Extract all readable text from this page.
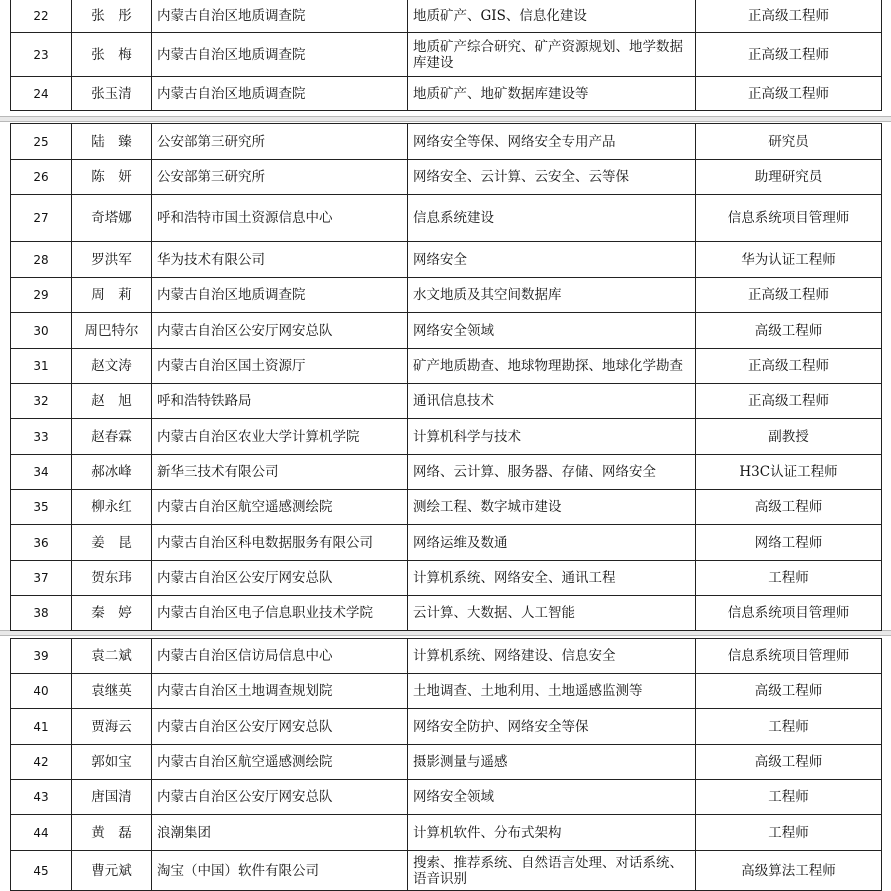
22	张　彤	内蒙古自治区地质调查院	地质矿产、GIS、信息化建设	正高级工程师
23	张　梅	内蒙古自治区地质调查院	地质矿产综合研究、矿产资源规划、地学数据库建设	正高级工程师
24	张玉清	内蒙古自治区地质调查院	地质矿产、地矿数据库建设等	正高级工程师
25	陆　臻	公安部第三研究所	网络安全等保、网络安全专用产品	研究员
26	陈　妍	公安部第三研究所	网络安全、云计算、云安全、云等保	助理研究员
27	奇塔娜	呼和浩特市国土资源信息中心	信息系统建设	信息系统项目管理师
28	罗洪军	华为技术有限公司	网络安全	华为认证工程师
29	周　莉	内蒙古自治区地质调查院	水文地质及其空间数据库	正高级工程师
30	周巴特尔	内蒙古自治区公安厅网安总队	网络安全领域	高级工程师
31	赵文涛	内蒙古自治区国土资源厅	矿产地质勘查、地球物理勘探、地球化学勘查	正高级工程师
32	赵　旭	呼和浩特铁路局	通讯信息技术	正高级工程师
33	赵春霖	内蒙古自治区农业大学计算机学院	计算机科学与技术	副教授
34	郝冰峰	新华三技术有限公司	网络、云计算、服务器、存储、网络安全	H3C认证工程师
35	柳永红	内蒙古自治区航空遥感测绘院	测绘工程、数字城市建设	高级工程师
36	姜　昆	内蒙古自治区科电数据服务有限公司	网络运维及数通	网络工程师
37	贺东玮	内蒙古自治区公安厅网安总队	计算机系统、网络安全、通讯工程	工程师
38	秦　婷	内蒙古自治区电子信息职业技术学院	云计算、大数据、人工智能	信息系统项目管理师
39	袁二斌	内蒙古自治区信访局信息中心	计算机系统、网络建设、信息安全	信息系统项目管理师
40	袁继英	内蒙古自治区土地调查规划院	土地调查、土地利用、土地遥感监测等	高级工程师
41	贾海云	内蒙古自治区公安厅网安总队	网络安全防护、网络安全等保	工程师
42	郭如宝	内蒙古自治区航空遥感测绘院	摄影测量与遥感	高级工程师
43	唐国清	内蒙古自治区公安厅网安总队	网络安全领域	工程师
44	黄　磊	浪潮集团	计算机软件、分布式架构	工程师
45	曹元斌	淘宝（中国）软件有限公司	搜索、推荐系统、自然语言处理、对话系统、语音识别	高级算法工程师
